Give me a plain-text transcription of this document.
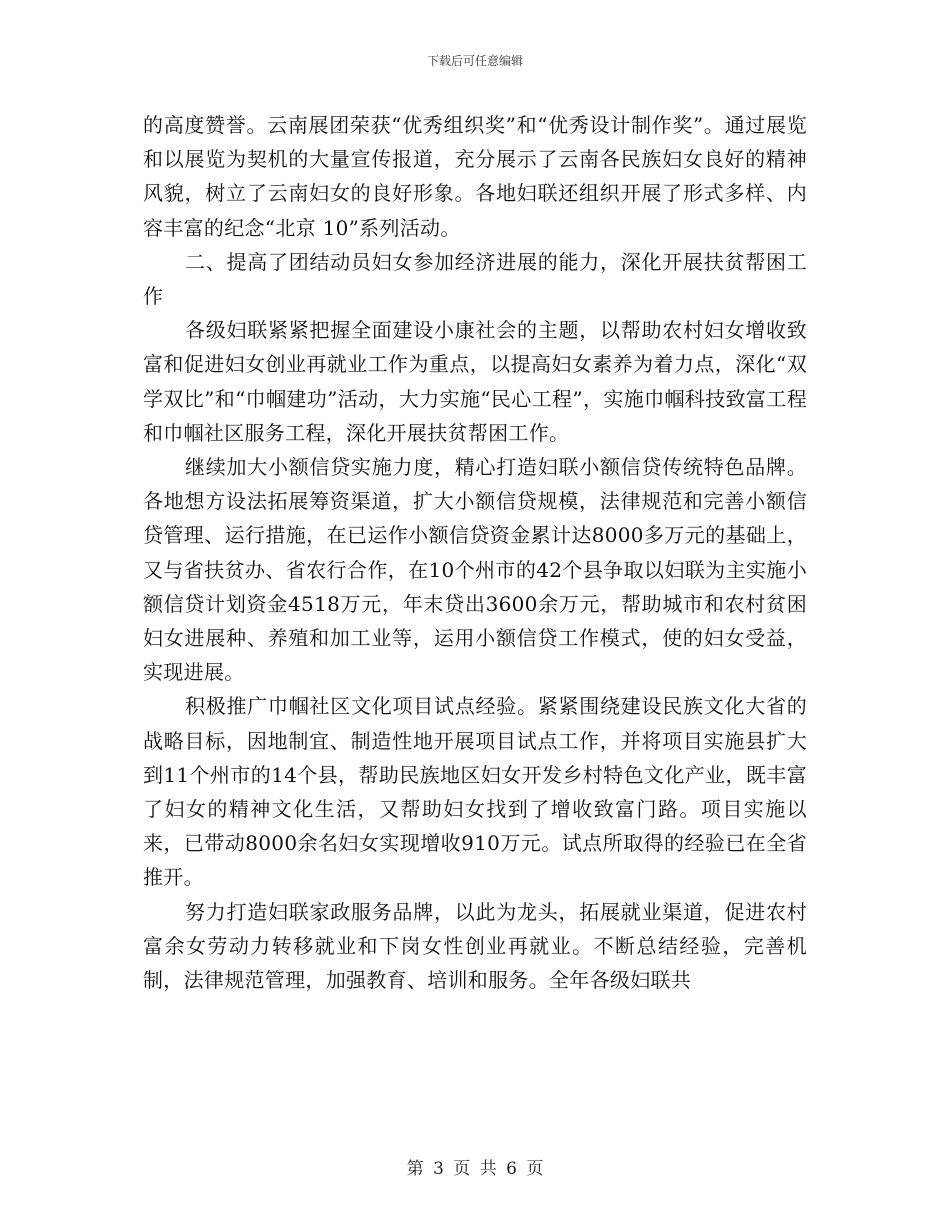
下载后可任意编辑

的高度赞誉。云南展团荣获“优秀组织奖”和“优秀设计制作奖”。通过展览和以展览为契机的大量宣传报道，充分展示了云南各民族妇女良好的精神风貌，树立了云南妇女的良好形象。各地妇联还组织开展了形式多样、内容丰富的纪念“北京 10”系列活动。

二、提高了团结动员妇女参加经济进展的能力，深化开展扶贫帮困工作

各级妇联紧紧把握全面建设小康社会的主题，以帮助农村妇女增收致富和促进妇女创业再就业工作为重点，以提高妇女素养为着力点，深化“双学双比”和“巾帼建功”活动，大力实施“民心工程”，实施巾帼科技致富工程和巾帼社区服务工程，深化开展扶贫帮困工作。

继续加大小额信贷实施力度，精心打造妇联小额信贷传统特色品牌。各地想方设法拓展筹资渠道，扩大小额信贷规模，法律规范和完善小额信贷管理、运行措施，在已运作小额信贷资金累计达8000多万元的基础上，又与省扶贫办、省农行合作，在10个州市的42个县争取以妇联为主实施小额信贷计划资金4518万元，年末贷出3600余万元，帮助城市和农村贫困妇女进展种、养殖和加工业等，运用小额信贷工作模式，使的妇女受益，实现进展。

积极推广巾帼社区文化项目试点经验。紧紧围绕建设民族文化大省的战略目标，因地制宜、制造性地开展项目试点工作，并将项目实施县扩大到11个州市的14个县，帮助民族地区妇女开发乡村特色文化产业，既丰富了妇女的精神文化生活，又帮助妇女找到了增收致富门路。项目实施以来，已带动8000余名妇女实现增收910万元。试点所取得的经验已在全省推开。

努力打造妇联家政服务品牌，以此为龙头，拓展就业渠道，促进农村富余女劳动力转移就业和下岗女性创业再就业。不断总结经验，完善机制，法律规范管理，加强教育、培训和服务。全年各级妇联共

第 3 页 共 6 页
